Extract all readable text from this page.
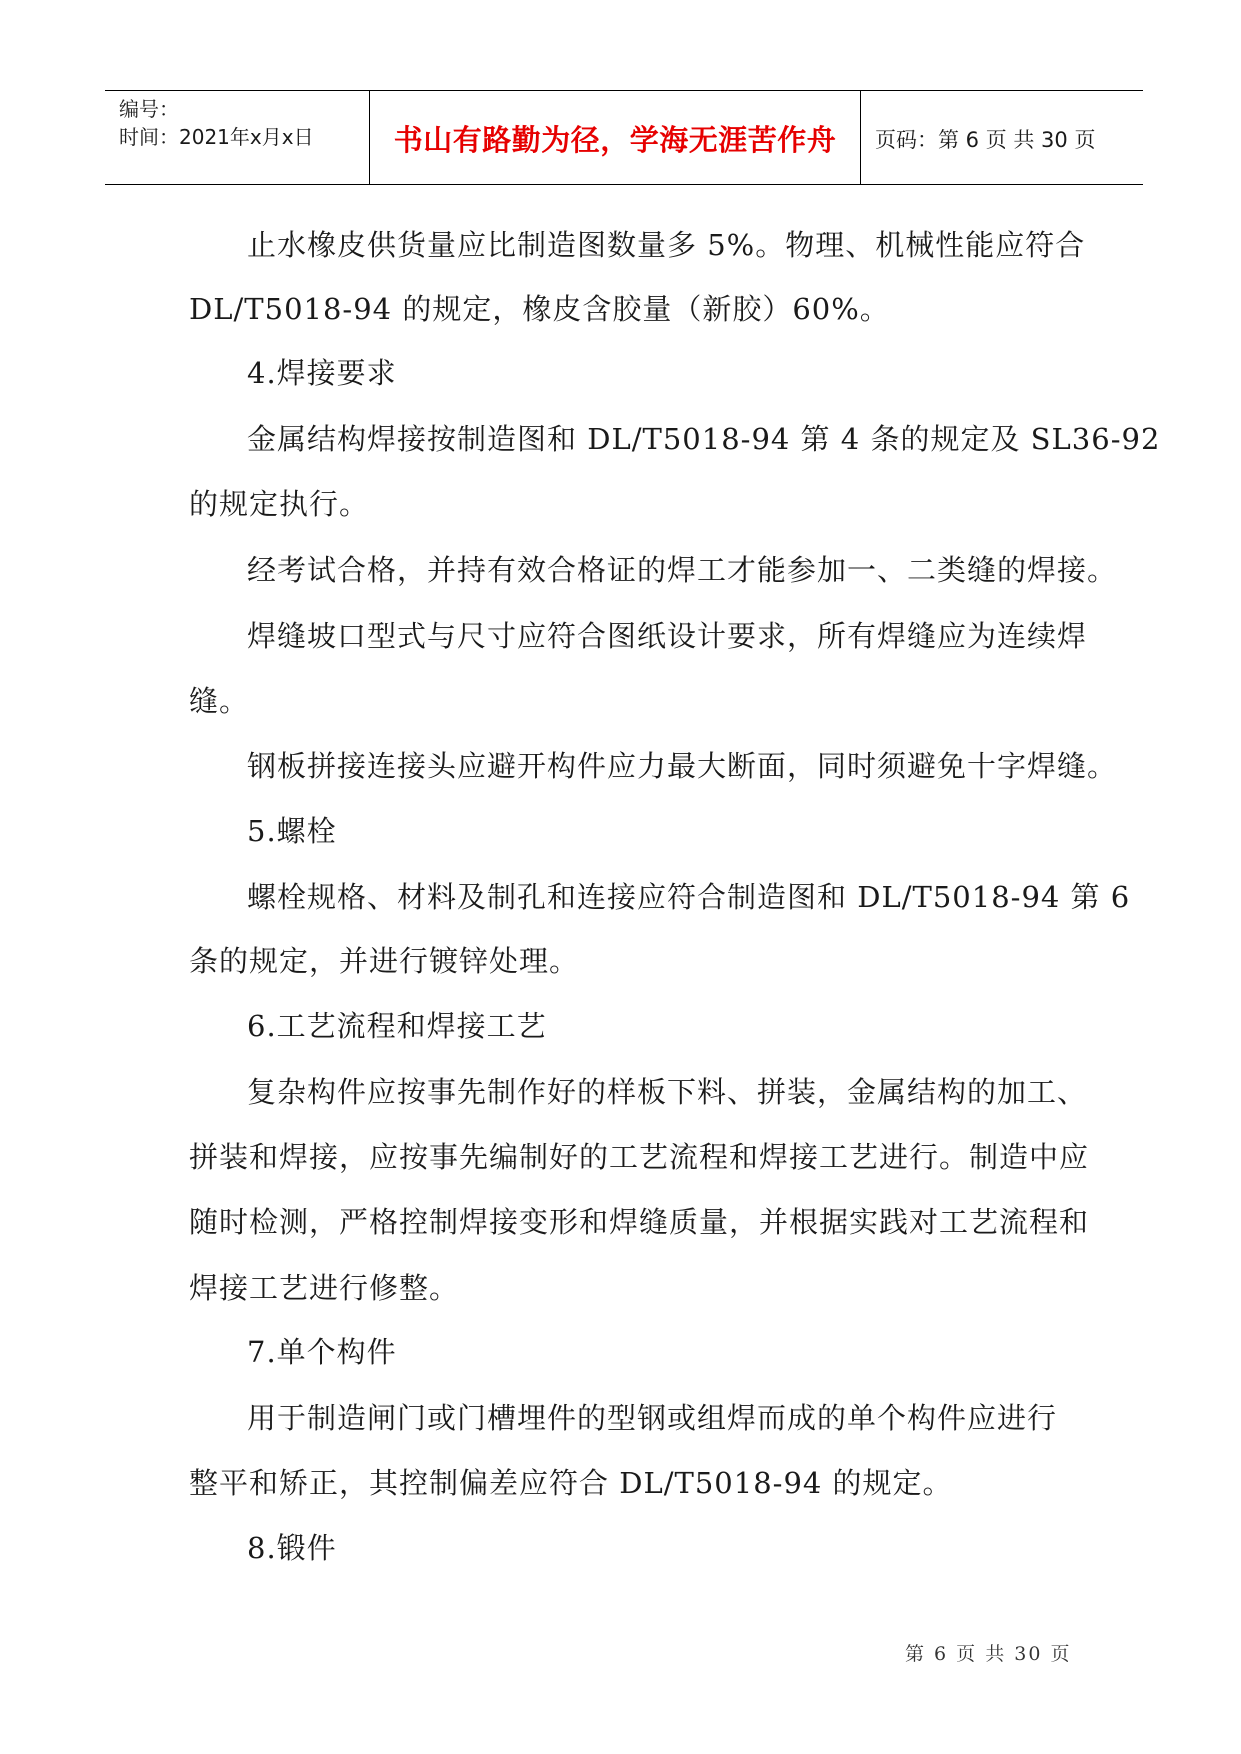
编号：
时间：2021年x月x日	书山有路勤为径，学海无涯苦作舟	页码：第 6 页 共 30 页
止水橡皮供货量应比制造图数量多 5%。物理、机械性能应符合
DL/T5018-94 的规定，橡皮含胶量（新胶）60%。
4.焊接要求
金属结构焊接按制造图和 DL/T5018-94 第 4 条的规定及 SL36-92
的规定执行。
经考试合格，并持有效合格证的焊工才能参加一、二类缝的焊接。
焊缝坡口型式与尺寸应符合图纸设计要求，所有焊缝应为连续焊
缝。
钢板拼接连接头应避开构件应力最大断面，同时须避免十字焊缝。
5.螺栓
螺栓规格、材料及制孔和连接应符合制造图和 DL/T5018-94 第 6
条的规定，并进行镀锌处理。
6.工艺流程和焊接工艺
复杂构件应按事先制作好的样板下料、拼装，金属结构的加工、
拼装和焊接，应按事先编制好的工艺流程和焊接工艺进行。制造中应
随时检测，严格控制焊接变形和焊缝质量，并根据实践对工艺流程和
焊接工艺进行修整。
7.单个构件
用于制造闸门或门槽埋件的型钢或组焊而成的单个构件应进行
整平和矫正，其控制偏差应符合 DL/T5018-94 的规定。
8.锻件
第 6 页 共 30 页
